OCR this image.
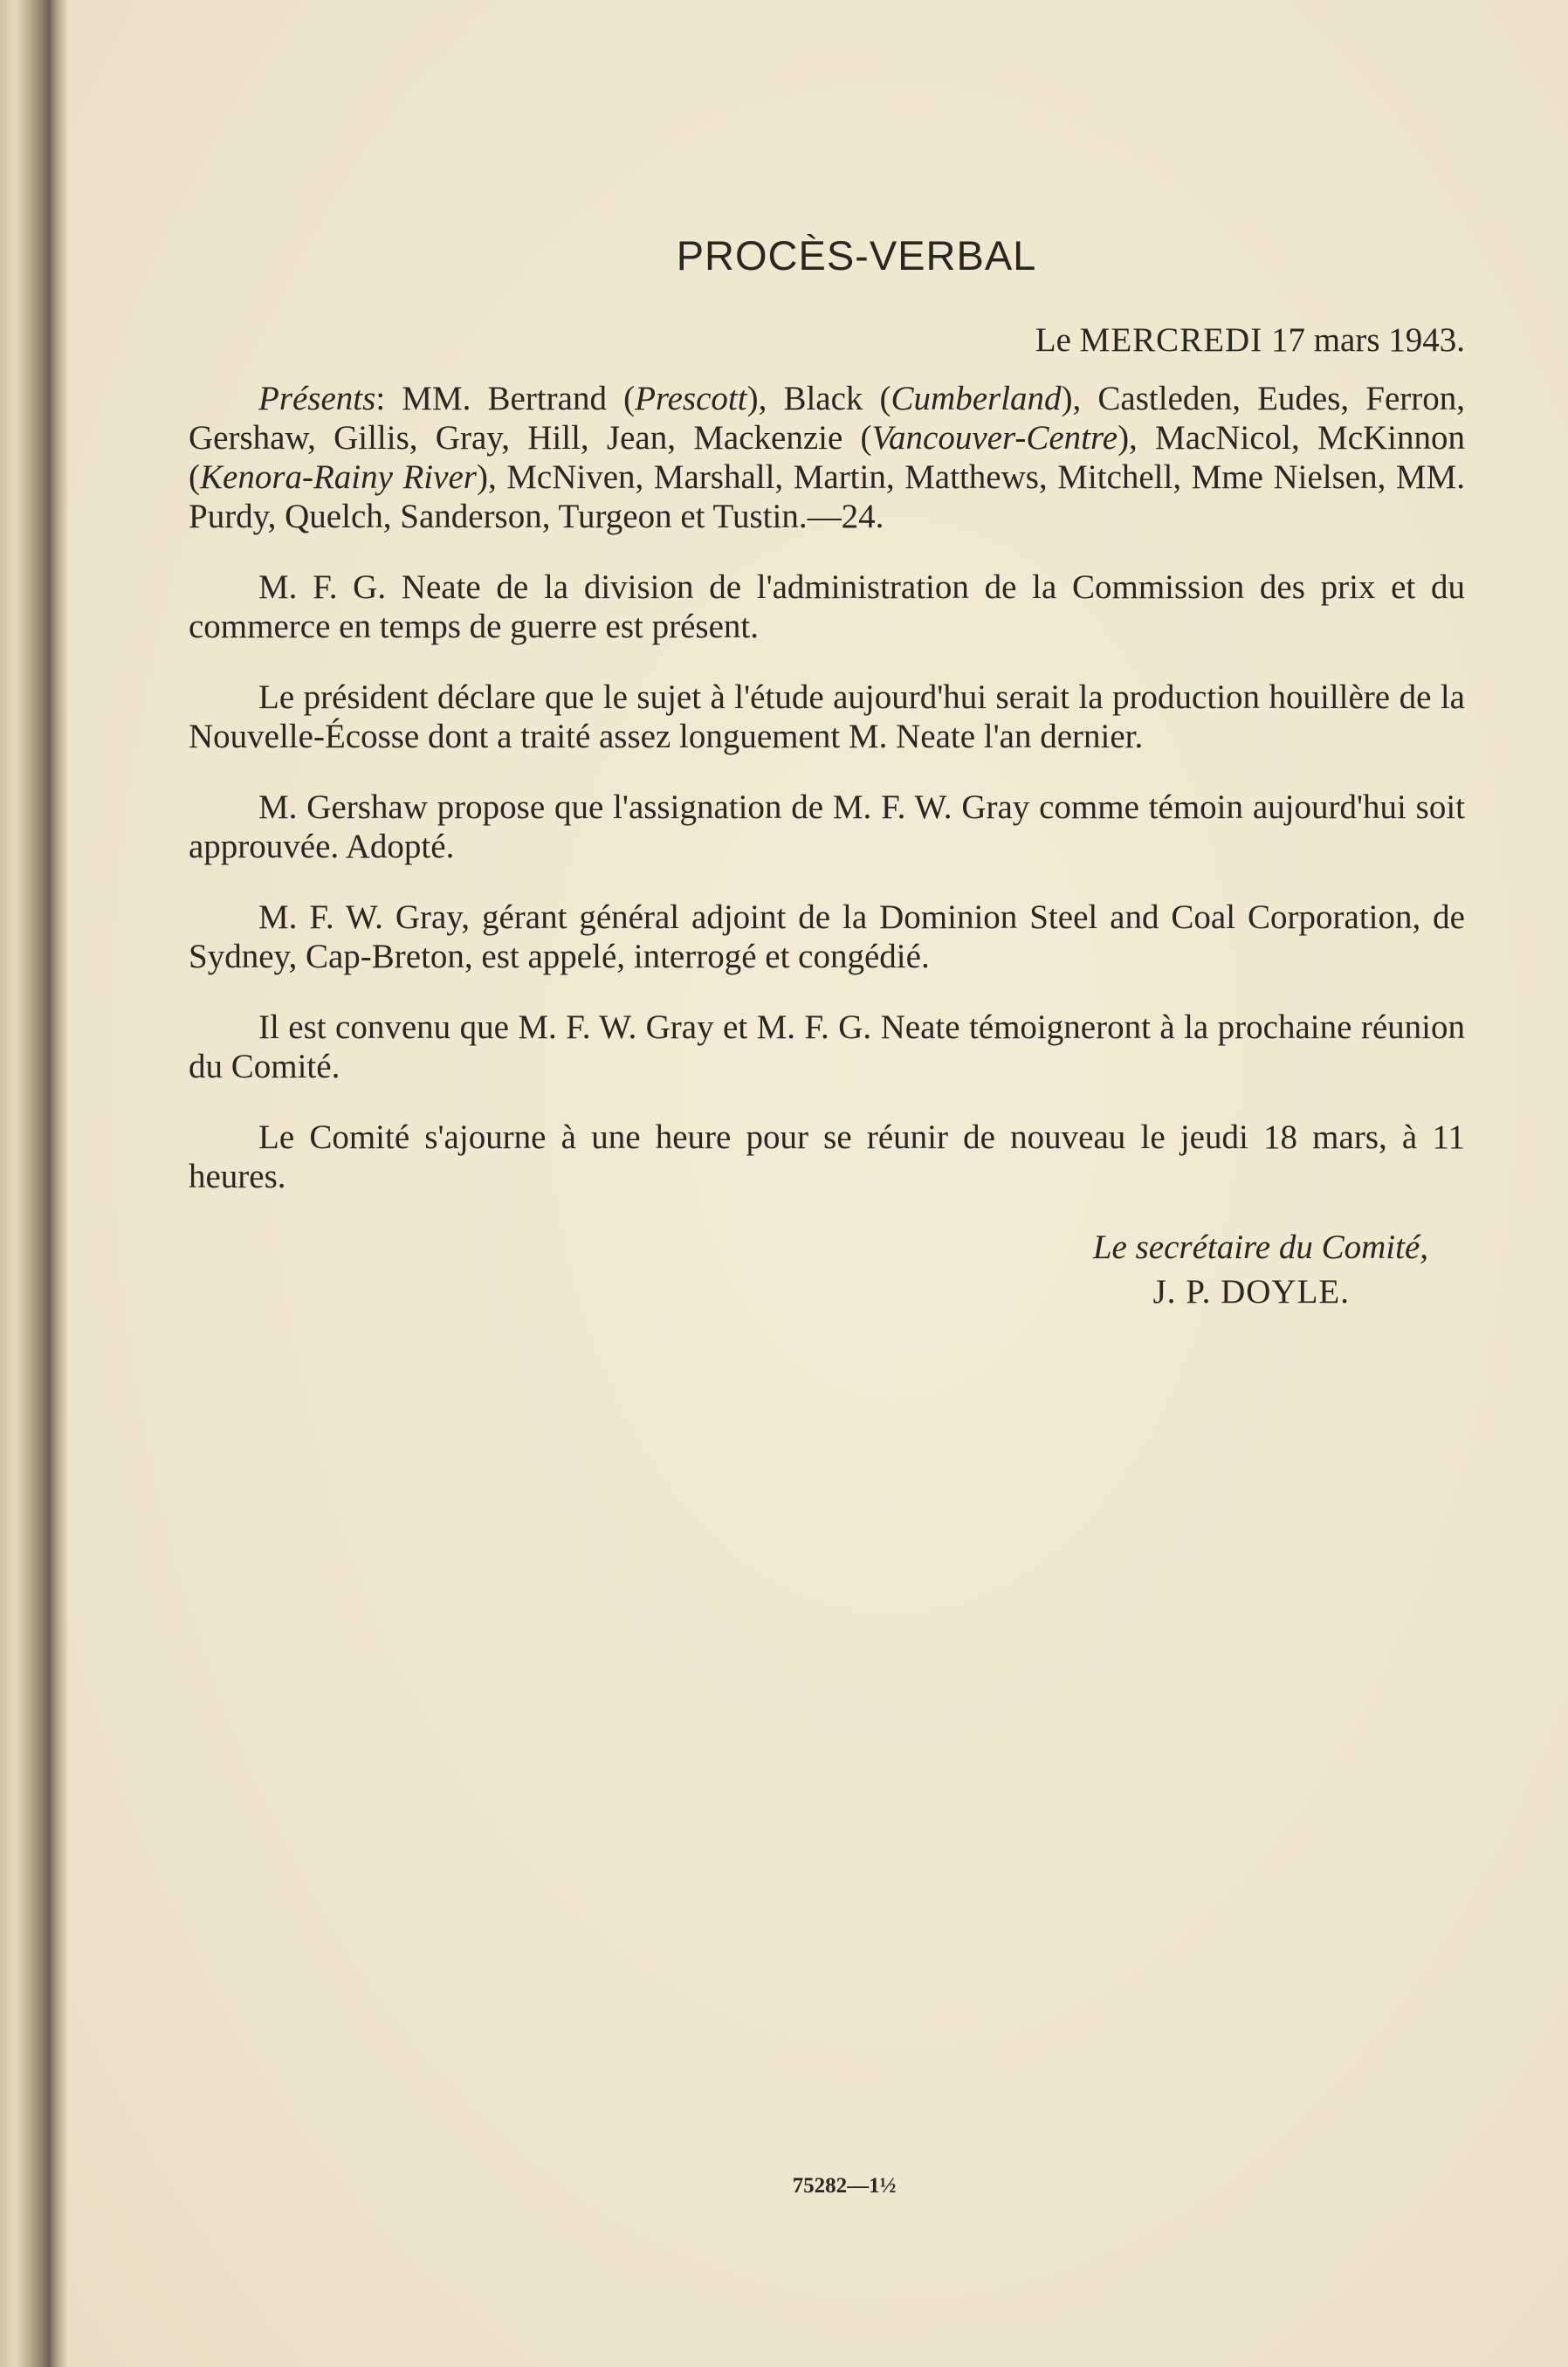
PROCÈS-VERBAL
Le MERCREDI 17 mars 1943.

Présents: MM. Bertrand (Prescott), Black (Cumberland), Castleden, Eudes, Ferron, Gershaw, Gillis, Gray, Hill, Jean, Mackenzie (Vancouver-Centre), MacNicol, McKinnon (Kenora-Rainy River), McNiven, Marshall, Martin, Matthews, Mitchell, Mme Nielsen, MM. Purdy, Quelch, Sanderson, Turgeon et Tustin.—24.

M. F. G. Neate de la division de l'administration de la Commission des prix et du commerce en temps de guerre est présent.

Le président déclare que le sujet à l'étude aujourd'hui serait la production houillère de la Nouvelle-Écosse dont a traité assez longuement M. Neate l'an dernier.

M. Gershaw propose que l'assignation de M. F. W. Gray comme témoin aujourd'hui soit approuvée. Adopté.

M. F. W. Gray, gérant général adjoint de la Dominion Steel and Coal Corporation, de Sydney, Cap-Breton, est appelé, interrogé et congédié.

Il est convenu que M. F. W. Gray et M. F. G. Neate témoigneront à la prochaine réunion du Comité.

Le Comité s'ajourne à une heure pour se réunir de nouveau le jeudi 18 mars, à 11 heures.

Le secrétaire du Comité,
J. P. DOYLE.
75282—1½
